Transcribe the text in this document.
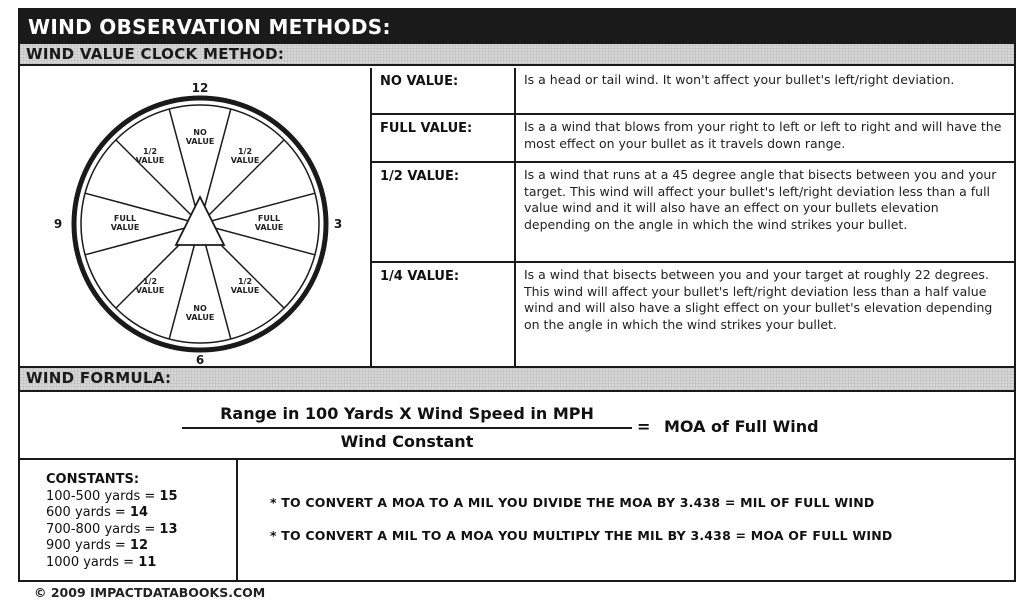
WIND OBSERVATION METHODS:
WIND VALUE CLOCK METHOD:
NO
VALUE
1/2
VALUE
FULL
VALUE
1/2
VALUE
NO
VALUE
1/2
VALUE
FULL
VALUE
1/2
VALUE
12
3
6
9
NO VALUE:	Is a head or tail wind. It won't affect your bullet's left/right deviation.
FULL VALUE:	Is a a wind that blows from your right to left or left to right and will have the most effect on your bullet as it travels down range.
1/2 VALUE:	Is a wind that runs at a 45 degree angle that bisects between you and your target. This wind will affect your bullet's left/right deviation less than a full value wind and it will also have an effect on your bullets elevation depending on the angle in which the wind strikes your bullet.
1/4 VALUE:	Is a wind that bisects between you and your target at roughly 22 degrees. This wind will affect your bullet's left/right deviation less than a half value wind and will also have a slight effect on your bullet's elevation depending on the angle in which the wind strikes your bullet.
WIND FORMULA:
Range in 100 Yards X Wind Speed in MPH
Wind Constant
= MOA of Full Wind
CONSTANTS:
100-500 yards = 15
600 yards = 14
700-800 yards = 13
900 yards = 12
1000 yards = 11
* TO CONVERT A MOA TO A MIL YOU DIVIDE THE MOA BY 3.438 = MIL OF FULL WIND
* TO CONVERT A MIL TO A MOA YOU MULTIPLY THE MIL BY 3.438 = MOA OF FULL WIND
© 2009 IMPACTDATABOOKS.COM
